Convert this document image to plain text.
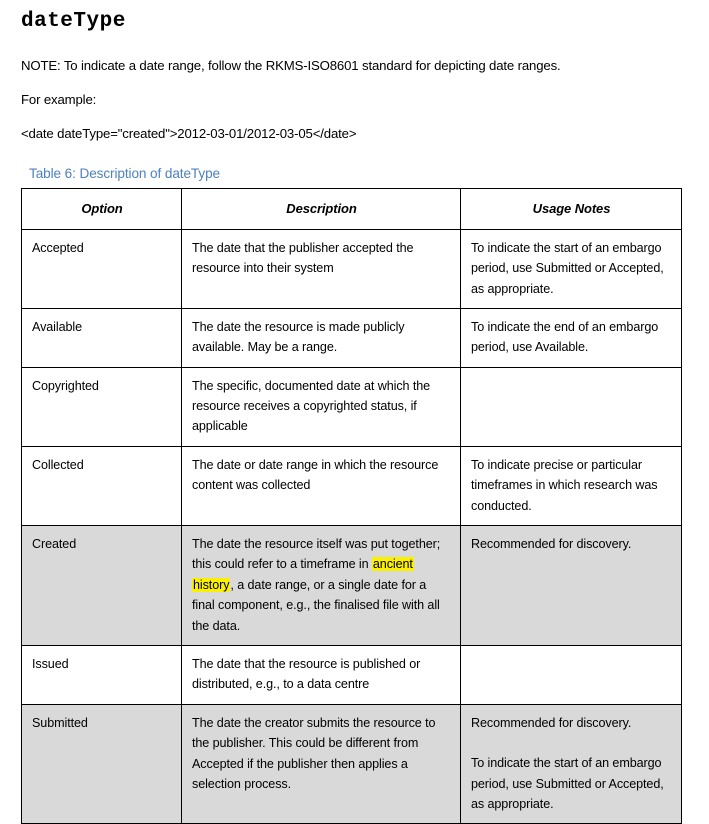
dateType

NOTE: To indicate a date range, follow the RKMS-ISO8601 standard for depicting date ranges.

For example:

<date dateType="created">2012-03-01/2012-03-05</date>

Table 6: Description of dateType
Option	Description	Usage Notes
Accepted	The date that the publisher accepted the resource into their system	To indicate the start of an embargo period, use Submitted or Accepted, as appropriate.

Available	The date the resource is made publicly available. May be a range.	To indicate the end of an embargo period, use Available.

Copyrighted	The specific, documented date at which the resource receives a copyrighted status, if applicable	

Collected	The date or date range in which the resource content was collected	To indicate precise or particular timeframes in which research was conducted.

Created	The date the resource itself was put together; this could refer to a timeframe in ancient history, a date range, or a single date for a final component, e.g., the finalised file with all the data.	Recommended for discovery.

Issued	The date that the resource is published or distributed, e.g., to a data centre	

Submitted	The date the creator submits the resource to the publisher. This could be different from Accepted if the publisher then applies a selection process.	Recommended for discovery.

To indicate the start of an embargo period, use Submitted or Accepted, as appropriate.
